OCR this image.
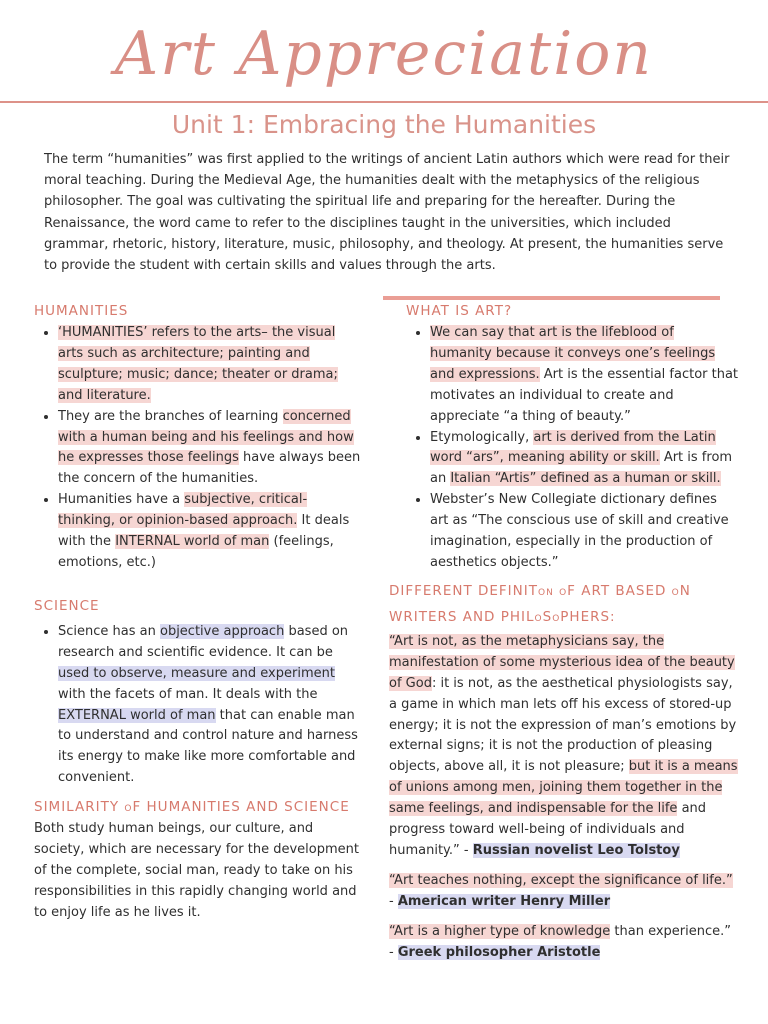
Art Appreciation
Unit 1: Embracing the Humanities

The term “humanities” was first applied to the writings of ancient Latin authors which were read for their moral teaching. During the Medieval Age, the humanities dealt with the metaphysics of the religious philosopher. The goal was cultivating the spiritual life and preparing for the hereafter. During the Renaissance, the word came to refer to the disciplines taught in the universities, which included grammar, rhetoric, history, literature, music, philosophy, and theology. At present, the humanities serve to provide the student with certain skills and values through the arts.

HUMANITIES
• ‘HUMANITIES’ refers to the arts– the visual arts such as architecture; painting and sculpture; music; dance; theater or drama; and literature.
• They are the branches of learning concerned with a human being and his feelings and how he expresses those feelings have always been the concern of the humanities.
• Humanities have a subjective, critical-thinking, or opinion-based approach. It deals with the INTERNAL world of man (feelings, emotions, etc.)
SCIENCE
• Science has an objective approach based on research and scientific evidence. It can be used to observe, measure and experiment with the facets of man. It deals with the EXTERNAL world of man that can enable man to understand and control nature and harness its energy to make like more comfortable and convenient.
SIMILARITY oF HUMANITIES AND SCIENCE

Both study human beings, our culture, and society, which are necessary for the development of the complete, social man, ready to take on his responsibilities in this rapidly changing world and to enjoy life as he lives it.

WHAT IS ART?
• We can say that art is the lifeblood of humanity because it conveys one’s feelings and expressions. Art is the essential factor that motivates an individual to create and appreciate “a thing of beauty.”
• Etymologically, art is derived from the Latin word “ars”, meaning ability or skill. Art is from an Italian “Artis” defined as a human or skill.
• Webster’s New Collegiate dictionary defines art as “The conscious use of skill and creative imagination, especially in the production of aesthetics objects.”
DIFFERENT DEFINITon oF ART BASED oN WRITERS AND PHILoSoPHERS:

“Art is not, as the metaphysicians say, the manifestation of some mysterious idea of the beauty of God: it is not, as the aesthetical physiologists say, a game in which man lets off his excess of stored-up energy; it is not the expression of man’s emotions by external signs; it is not the production of pleasing objects, above all, it is not pleasure; but it is a means of unions among men, joining them together in the same feelings, and indispensable for the life and progress toward well-being of individuals and humanity.” - Russian novelist Leo Tolstoy

“Art teaches nothing, except the significance of life.” - American writer Henry Miller

“Art is a higher type of knowledge than experience.” - Greek philosopher Aristotle
